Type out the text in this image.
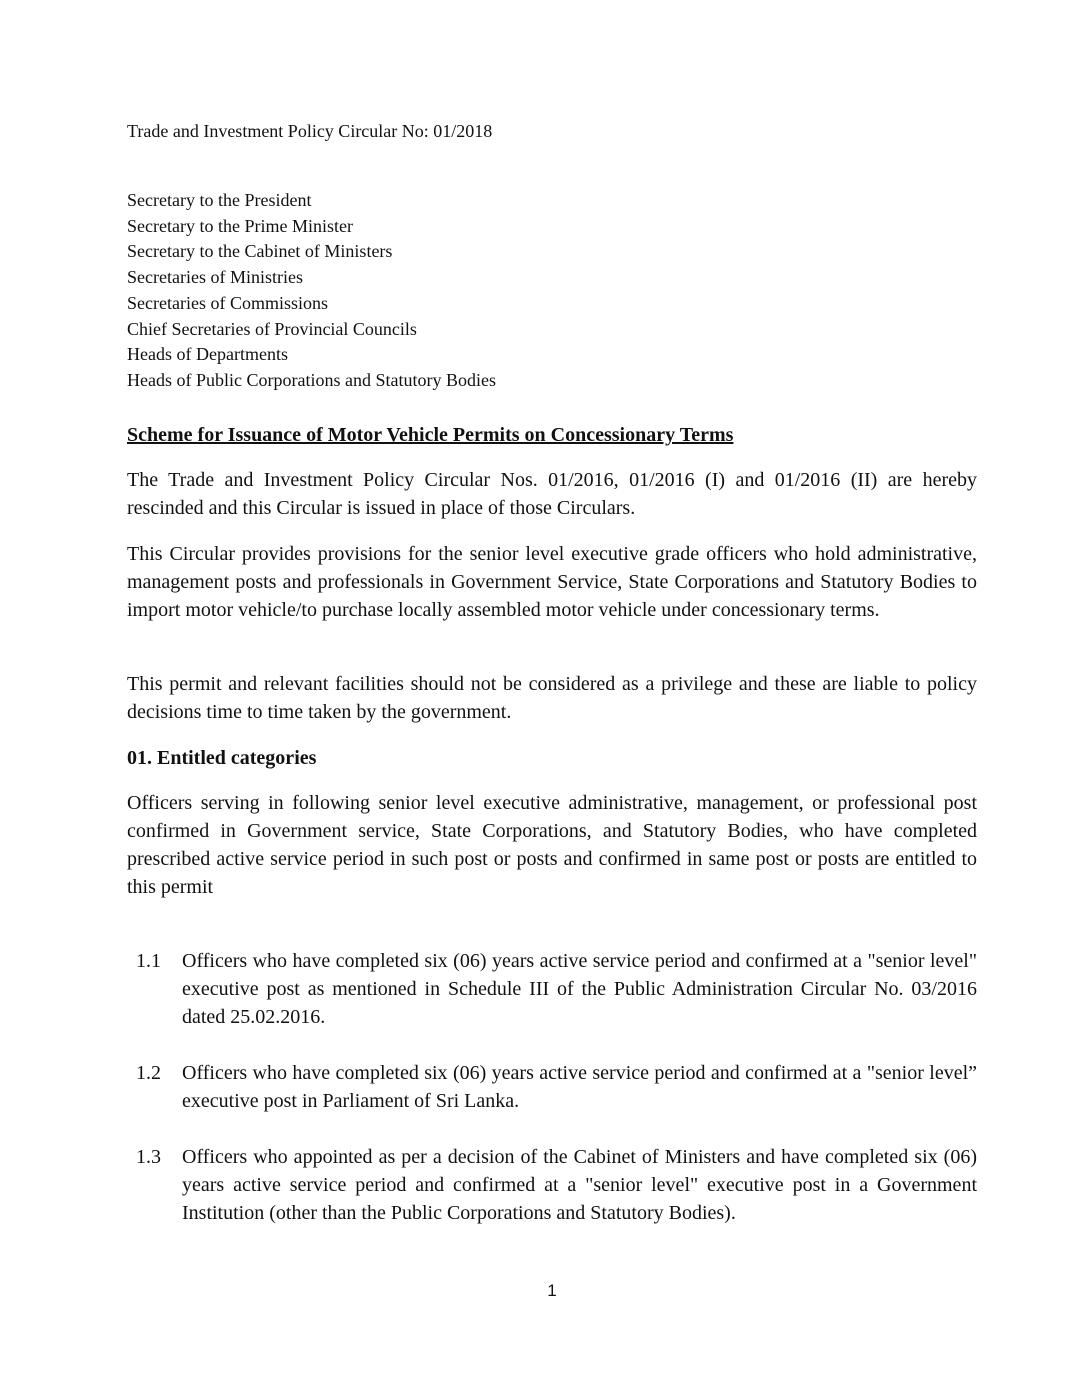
Trade and Investment Policy Circular No: 01/2018
Secretary to the President
Secretary to the Prime Minister
Secretary to the Cabinet of Ministers
Secretaries of Ministries
Secretaries of Commissions
Chief Secretaries of Provincial Councils
Heads of Departments
Heads of Public Corporations and Statutory Bodies
Scheme for Issuance of Motor Vehicle Permits on Concessionary Terms

The Trade and Investment Policy Circular Nos. 01/2016, 01/2016 (I) and 01/2016 (II) are hereby rescinded and this Circular is issued in place of those Circulars.

This Circular provides provisions for the senior level executive grade officers who hold administrative, management posts and professionals in Government Service, State Corporations and Statutory Bodies to import motor vehicle/to purchase locally assembled motor vehicle under concessionary terms.

This permit and relevant facilities should not be considered as a privilege and these are liable to policy decisions time to time taken by the government.

01. Entitled categories

Officers serving in following senior level executive administrative, management, or professional post confirmed in Government service, State Corporations, and Statutory Bodies, who have completed prescribed active service period in such post or posts and confirmed in same post or posts are entitled to this permit

1.1 Officers who have completed six (06) years active service period and confirmed at a "senior level" executive post as mentioned in Schedule III of the Public Administration Circular No. 03/2016 dated 25.02.2016.

1.2 Officers who have completed six (06) years active service period and confirmed at a "senior level” executive post in Parliament of Sri Lanka.

1.3 Officers who appointed as per a decision of the Cabinet of Ministers and have completed six (06) years active service period and confirmed at a "senior level" executive post in a Government Institution (other than the Public Corporations and Statutory Bodies).

1
